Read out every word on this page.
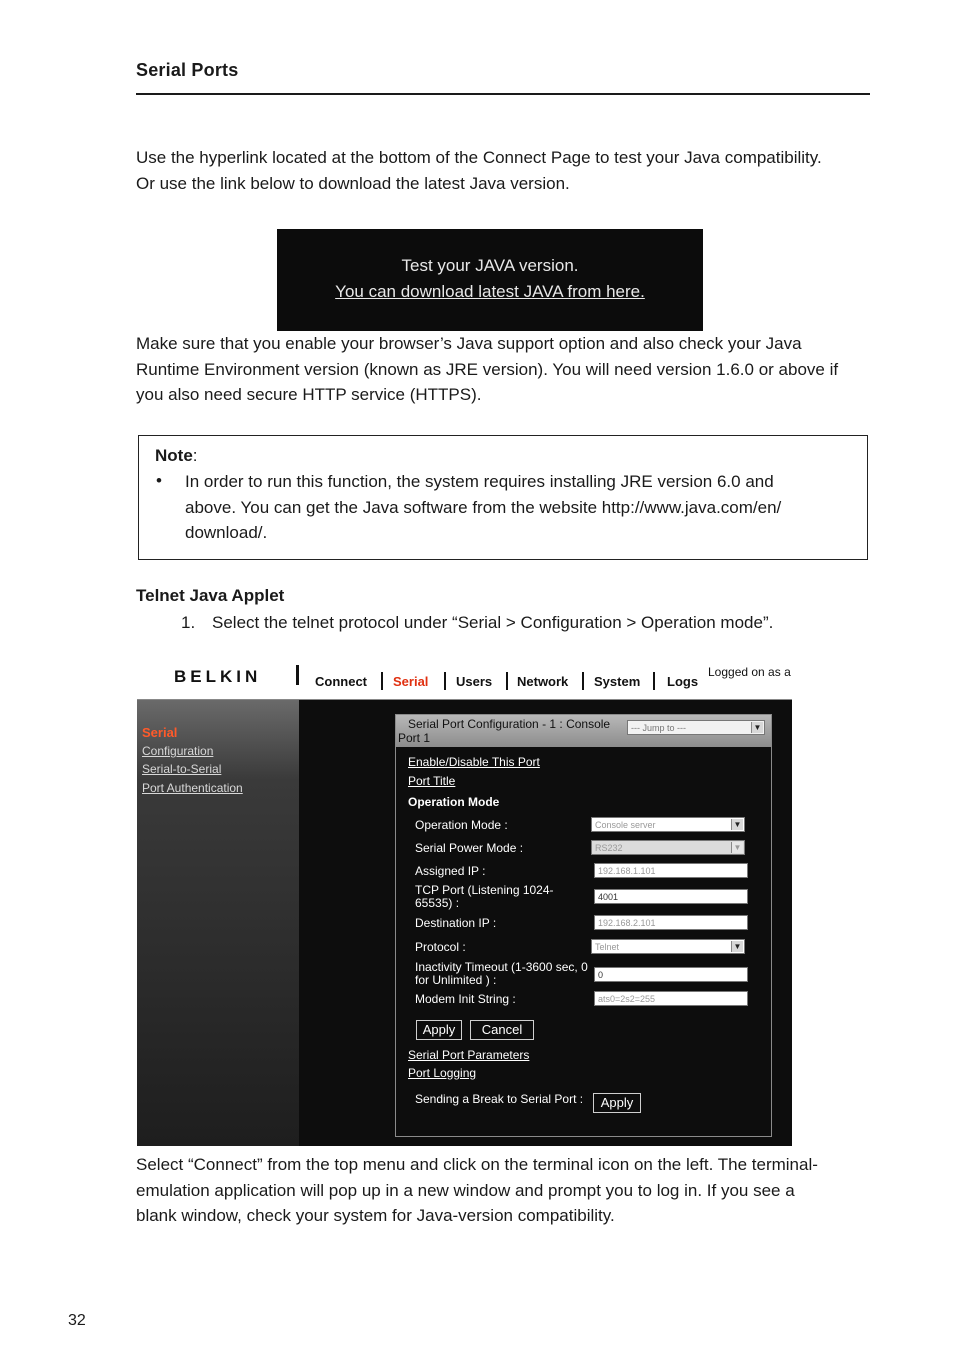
Serial Ports
Use the hyperlink located at the bottom of the Connect Page to test your Java compatibility.
Or use the link below to download the latest Java version.
Test your JAVA version.
You can download latest JAVA from here.
Make sure that you enable your browser’s Java support option and also check your Java
Runtime Environment version (known as JRE version). You will need version 1.6.0 or above if
you also need secure HTTP service (HTTPS).
Note:
• In order to run this function, the system requires installing JRE version 6.0 and
above. You can get the Java software from the website http://www.java.com/en/
download/.
Telnet Java Applet
1. Select the telnet protocol under “Serial > Configuration > Operation mode”.
BELKIN	Connect Serial Users Network System Logs
Logged on as a
Serial
Configuration
Serial-to-Serial
Port Authentication
Serial Port Configuration - 1 : Console
Port 1
--- Jump to ---	▼
Enable/Disable This Port
Port Title
Operation Mode
Operation Mode :	Console server	▼
Serial Power Mode :	RS232	▼
Assigned IP :	192.168.1.101
TCP Port (Listening 1024-
65535) :	4001
Destination IP :	192.168.2.101
Protocol :	Telnet	▼
Inactivity Timeout (1-3600 sec, 0
for Unlimited ) :	0
Modem Init String :	ats0=2s2=255
Apply	Cancel
Serial Port Parameters
Port Logging
Sending a Break to Serial Port :	Apply
Select “Connect” from the top menu and click on the terminal icon on the left. The terminal-
emulation application will pop up in a new window and prompt you to log in. If you see a
blank window, check your system for Java-version compatibility.
32
